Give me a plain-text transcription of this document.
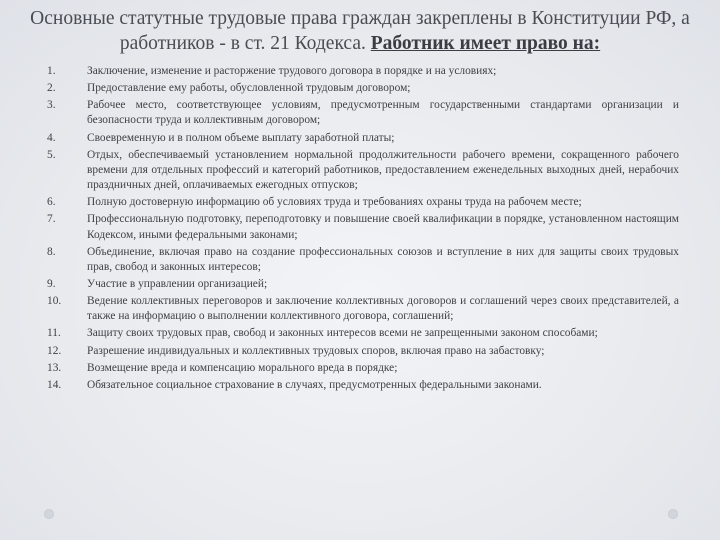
Основные статутные трудовые права граждан закреплены в Конституции РФ, а работников - в ст. 21 Кодекса. Работник имеет право на:
1.	Заключение, изменение и расторжение трудового договора в порядке и на условиях;
2.	Предоставление ему работы, обусловленной трудовым договором;
3.	Рабочее место, соответствующее условиям, предусмотренным государственными стандартами организации и безопасности труда и коллективным договором;
4.	Своевременную и в полном объеме выплату заработной платы;
5.	Отдых, обеспечиваемый установлением нормальной продолжительности рабочего времени, сокращенного рабочего времени для отдельных профессий и категорий работников, предоставлением еженедельных выходных дней, нерабочих праздничных дней, оплачиваемых ежегодных отпусков;
6.	Полную достоверную информацию об условиях труда и требованиях охраны труда на рабочем месте;
7.	Профессиональную подготовку, переподготовку и повышение своей квалификации в порядке, установленном настоящим Кодексом, иными федеральными законами;
8.	Объединение, включая право на создание профессиональных союзов и вступление в них для защиты своих трудовых прав, свобод и законных интересов;
9.	Участие в управлении организацией;
10.	Ведение коллективных переговоров и заключение коллективных договоров и соглашений через своих представителей, а также на информацию о выполнении коллективного договора, соглашений;
11.	Защиту своих трудовых прав, свобод и законных интересов всеми не запрещенными законом способами;
12.	Разрешение индивидуальных и коллективных трудовых споров, включая право на забастовку;
13.	Возмещение вреда и компенсацию морального вреда в порядке;
14.	Обязательное социальное страхование в случаях, предусмотренных федеральными законами.
